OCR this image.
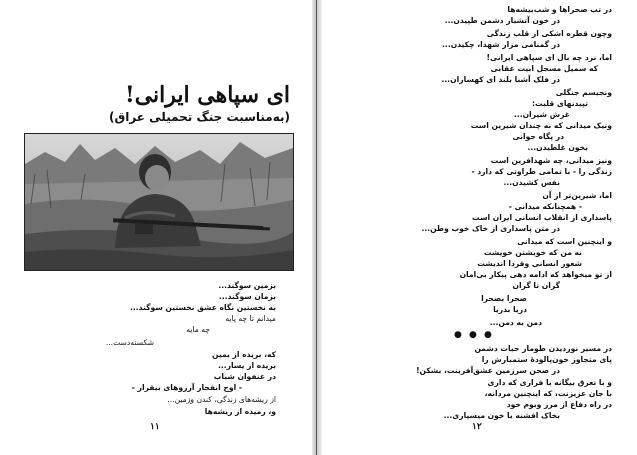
ای سپاهی ایرانی!
(به‌مناسبت جنگ تحمیلی عراق)
بزمین سوگند...
بزمان سوگند...
به نخستین نگاه عشق نخستین سوگند...
میدانم تا چه پایه
چه مایه
شکسته‌دست...
که، بریده از یمین
بریده از یسار...
در عنفوان شباب
- اوج انفجار آرزوهای بیقرار -
از ریشه‌های زندگی، کندن وزمین...
و، رمیده از ریشه‌ها
۱۱
در تب صحراها و شب‌بیشه‌ها
در خون آتشبار دشمن طپیدن...
وچون قطره اشکی از قلب زندگی
در گمنامی مزار شهدا، چکیدن...
اما، نرد چه بال ای سپاهی ایرانی!
که سمیل مسجل ابیت عقابی
در فلک آشنا بلند ای کهساران...
ونجیسم جنگلی
تپیدنهای قلبت:
غرش شیران...
ونیک میدانی که نه چندان شیرین است
در پگاه جوانی
بخون غلطیدن...
ونیز میدانی، چه شهدافرین است
زندگی را - با تمامی طراوتی که دارد -
نفس کشیدن...
اما، شیرین‌تر از آن
- همچنانکه میدانی -
پاسداری از انقلاب انسانی ایران است
در متن پاسداری از خاک خوب وطن...
و اینچنین است که میدانی
نه من که خویشتن خویشت
شعور انسانی وفردا اندیشت
از تو میخواهد که ادامه دهی پیکار بی‌امان
گران تا گران
صحرا بصحرا
دریا بدریا
دمن به دمن...
در مسیر نوردیدن طومار حیات دشمن
پای متجاوز خون‌پالودهٔ ستمبارش را
در صحن سرزمین عشق‌آفرینت، بشکن!
و با تعرق بیگانه با فراری که داری
با جان عزیزنت، که اینچنین مردانه،
در راه دفاع از مرز وبوم خود
بخاک افشنه با خون میسپاری...
● ● ●
۱۲
